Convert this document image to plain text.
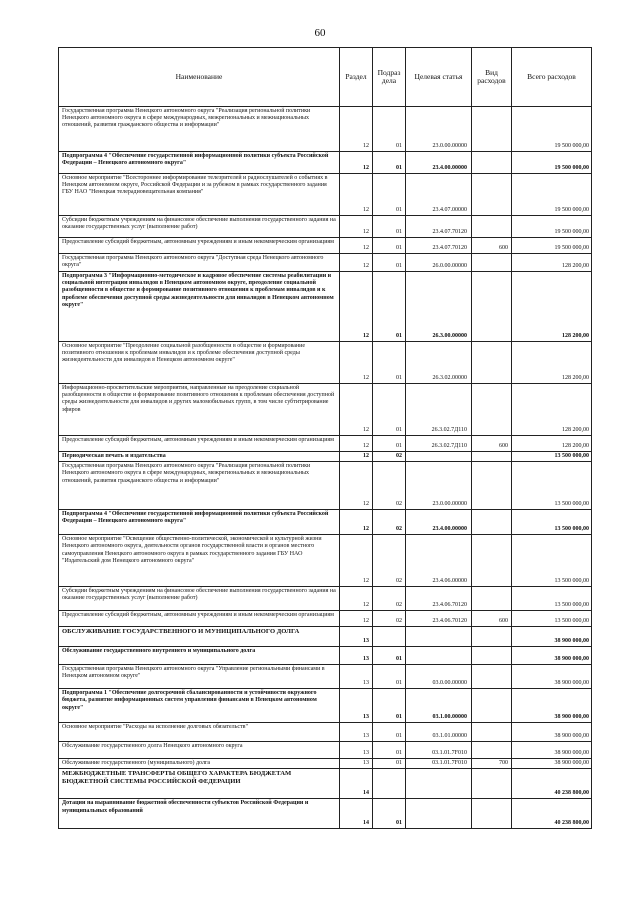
60
Наименование	Раздел	Подраз дела	Целевая статья	Вид расходов	Всего расходов
Государственная программа Ненецкого автономного округа "Реализация региональной политики Ненецкого автономного округа в сфере международных, межрегиональных и межнациональных отношений, развития гражданского общества и информации"	12	01	23.0.00.00000		19 500 000,00
Подпрограмма 4 "Обеспечение государственной информационной политики субъекта Российской Федерации – Ненецкого автономного округа"	12	01	23.4.00.00000		19 500 000,00
Основное мероприятие "Всестороннее информирование телезрителей и радиослушателей о событиях в Ненецком автономном округе, Российской Федерации и за рубежом в рамках государственного задания ГБУ НАО "Ненецкая телерадиовещательная компания"	12	01	23.4.07.00000		19 500 000,00
Субсидии бюджетным учреждениям на финансовое обеспечение выполнения государственного задания на оказание государственных услуг (выполнение работ)	12	01	23.4.07.70120		19 500 000,00
Предоставление субсидий бюджетным, автономным учреждениям и иным некоммерческим организациям	12	01	23.4.07.70120	600	19 500 000,00
Государственная программа Ненецкого автономного округа "Доступная среда Ненецкого автономного округа"	12	01	26.0.00.00000		128 200,00
Подпрограмма 3 "Информационно-методическое и кадровое обеспечение системы реабилитации и социальной интеграции инвалидов в Ненецком автономном округе, преодоление социальной разобщенности в обществе и формирование позитивного отношения к проблемам инвалидов и к проблеме обеспечения доступной среды жизнедеятельности для инвалидов в Ненецком автономном округе"	12	01	26.3.00.00000		128 200,00
Основное мероприятие "Преодоление социальной разобщенности в обществе и формирование позитивного отношения к проблемам инвалидов и к проблеме обеспечения доступной среды жизнедеятельности для инвалидов в Ненецком автономном округе"	12	01	26.3.02.00000		128 200,00
Информационно-просветительские мероприятия, направленные на преодоление социальной разобщенности в обществе и формирование позитивного отношения к проблемам обеспечения доступной среды жизнедеятельности для инвалидов и других маломобильных групп, в том числе субтитрирование эфиров	12	01	26.3.02.7Д110		128 200,00
Предоставление субсидий бюджетным, автономным учреждениям и иным некоммерческим организациям	12	01	26.3.02.7Д110	600	128 200,00
Периодическая печать и издательства	12	02			13 500 000,00
Государственная программа Ненецкого автономного округа "Реализация региональной политики Ненецкого автономного округа в сфере международных, межрегиональных и межнациональных отношений, развития гражданского общества и информации"	12	02	23.0.00.00000		13 500 000,00
Подпрограмма 4 "Обеспечение государственной информационной политики субъекта Российской Федерации – Ненецкого автономного округа"	12	02	23.4.00.00000		13 500 000,00
Основное мероприятие "Освещение общественно-политической, экономической и культурной жизни Ненецкого автономного округа, деятельности органов государственной власти и органов местного самоуправления Ненецкого автономного округа в рамках государственного задания ГБУ НАО "Издательский дом Ненецкого автономного округа"	12	02	23.4.06.00000		13 500 000,00
Субсидии бюджетным учреждениям на финансовое обеспечение выполнения государственного задания на оказание государственных услуг (выполнение работ)	12	02	23.4.06.70120		13 500 000,00
Предоставление субсидий бюджетным, автономным учреждениям и иным некоммерческим организациям	12	02	23.4.06.70120	600	13 500 000,00
ОБСЛУЖИВАНИЕ ГОСУДАРСТВЕННОГО И МУНИЦИПАЛЬНОГО ДОЛГА	13				38 900 000,00
Обслуживание государственного внутреннего и муниципального долга	13	01			38 900 000,00
Государственная программа Ненецкого автономного округа "Управление региональными финансами в Ненецком автономном округе"	13	01	03.0.00.00000		38 900 000,00
Подпрограмма 1 "Обеспечение долгосрочной сбалансированности и устойчивости окружного бюджета, развитие информационных систем управления финансами в Ненецком автономном округе"	13	01	03.1.00.00000		38 900 000,00
Основное мероприятие "Расходы на исполнение долговых обязательств"	13	01	03.1.01.00000		38 900 000,00
Обслуживание государственного долга Ненецкого автономного округа	13	01	03.1.01.7F010		38 900 000,00
Обслуживание государственного (муниципального) долга	13	01	03.1.01.7F010	700	38 900 000,00
МЕЖБЮДЖЕТНЫЕ ТРАНСФЕРТЫ ОБЩЕГО ХАРАКТЕРА БЮДЖЕТАМ БЮДЖЕТНОЙ СИСТЕМЫ РОССИЙСКОЙ ФЕДЕРАЦИИ	14				40 238 800,00
Дотации на выравнивание бюджетной обеспеченности субъектов Российской Федерации и муниципальных образований	14	01			40 238 800,00
